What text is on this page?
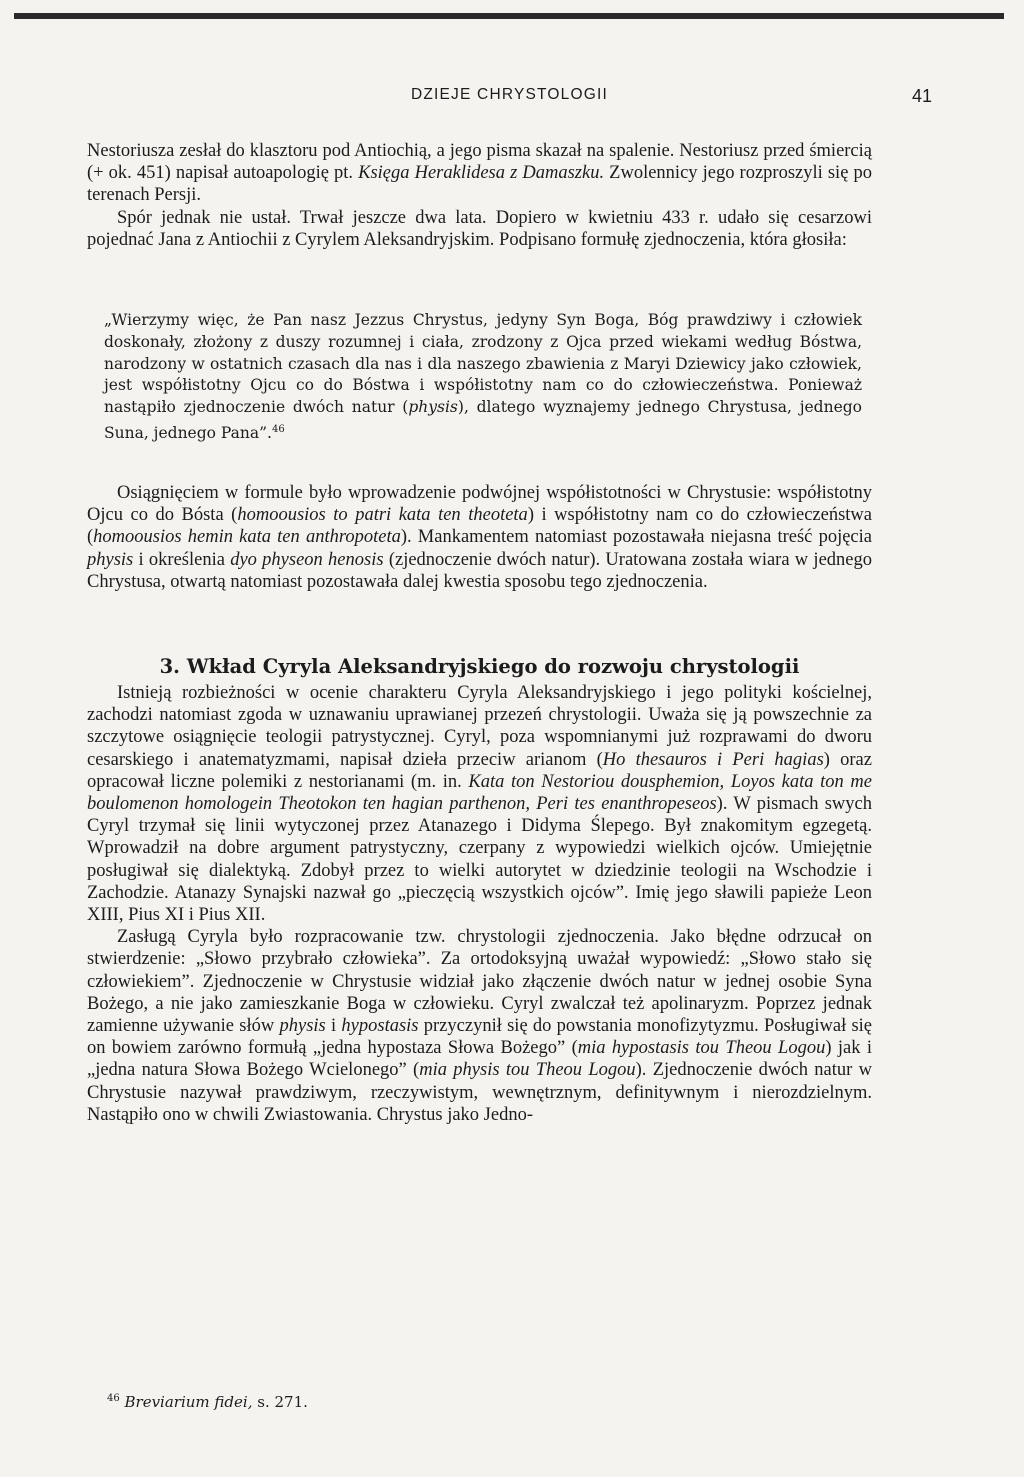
DZIEJE CHRYSTOLOGII	41

Nestoriusza zesłał do klasztoru pod Antiochią, a jego pisma skazał na spalenie. Nestoriusz przed śmiercią (+ ok. 451) napisał autoapologię pt. Księga Heraklidesa z Damaszku. Zwolennicy jego rozproszyli się po terenach Persji.

Spór jednak nie ustał. Trwał jeszcze dwa lata. Dopiero w kwietniu 433 r. udało się cesarzowi pojednać Jana z Antiochii z Cyrylem Aleksandryjskim. Podpisano formułę zjednoczenia, która głosiła:

„Wierzymy więc, że Pan nasz Jezzus Chrystus, jedyny Syn Boga, Bóg prawdziwy i człowiek doskonały, złożony z duszy rozumnej i ciała, zrodzony z Ojca przed wiekami według Bóstwa, narodzony w ostatnich czasach dla nas i dla naszego zbawienia z Maryi Dziewicy jako człowiek, jest współistotny Ojcu co do Bóstwa i współistotny nam co do człowieczeństwa. Ponieważ nastąpiło zjednoczenie dwóch natur (physis), dlatego wyznajemy jednego Chrystusa, jednego Suna, jednego Pana”.$^{46}$

Osiągnięciem w formule było wprowadzenie podwójnej współistotności w Chrystusie: współistotny Ojcu co do Bósta (homoousios to patri kata ten theoteta) i współistotny nam co do człowieczeństwa (homoousios hemin kata ten anthropoteta). Mankamentem natomiast pozostawała niejasna treść pojęcia physis i określenia dyo physeon henosis (zjednoczenie dwóch natur). Uratowana została wiara w jednego Chrystusa, otwartą natomiast pozostawała dalej kwestia sposobu tego zjednoczenia.

3. Wkład Cyryla Aleksandryjskiego do rozwoju chrystologii

Istnieją rozbieżności w ocenie charakteru Cyryla Aleksandryjskiego i jego polityki kościelnej, zachodzi natomiast zgoda w uznawaniu uprawianej przezeń chrystologii. Uważa się ją powszechnie za szczytowe osiągnięcie teologii patrystycznej. Cyryl, poza wspomnianymi już rozprawami do dworu cesarskiego i anatematyzmami, napisał dzieła przeciw arianom (Ho thesauros i Peri hagias) oraz opracował liczne polemiki z nestorianami (m. in. Kata ton Nestoriou dousphemion, Loyos kata ton me boulomenon homologein Theotokon ten hagian parthenon, Peri tes enanthropeseos). W pismach swych Cyryl trzymał się linii wytyczonej przez Atanazego i Didyma Ślepego. Był znakomitym egzegetą. Wprowadził na dobre argument patrystyczny, czerpany z wypowiedzi wielkich ojców. Umiejętnie posługiwał się dialektyką. Zdobył przez to wielki autorytet w dziedzinie teologii na Wschodzie i Zachodzie. Atanazy Synajski nazwał go „pieczęcią wszystkich ojców”. Imię jego sławili papieże Leon XIII, Pius XI i Pius XII.

Zasługą Cyryla było rozpracowanie tzw. chrystologii zjednoczenia. Jako błędne odrzucał on stwierdzenie: „Słowo przybrało człowieka”. Za ortodoksyjną uważał wypowiedź: „Słowo stało się człowiekiem”. Zjednoczenie w Chrystusie widział jako złączenie dwóch natur w jednej osobie Syna Bożego, a nie jako zamieszkanie Boga w człowieku. Cyryl zwalczał też apolinaryzm. Poprzez jednak zamienne używanie słów physis i hypostasis przyczynił się do powstania monofizytyzmu. Posługiwał się on bowiem zarówno formułą „jedna hypostaza Słowa Bożego” (mia hypostasis tou Theou Logou) jak i „jedna natura Słowa Bożego Wcielonego” (mia physis tou Theou Logou). Zjednoczenie dwóch natur w Chrystusie nazywał prawdziwym, rzeczywistym, wewnętrznym, definitywnym i nierozdzielnym. Nastąpiło ono w chwili Zwiastowania. Chrystus jako Jedno-

$^{46}$ Breviarium fidei, s. 271.
